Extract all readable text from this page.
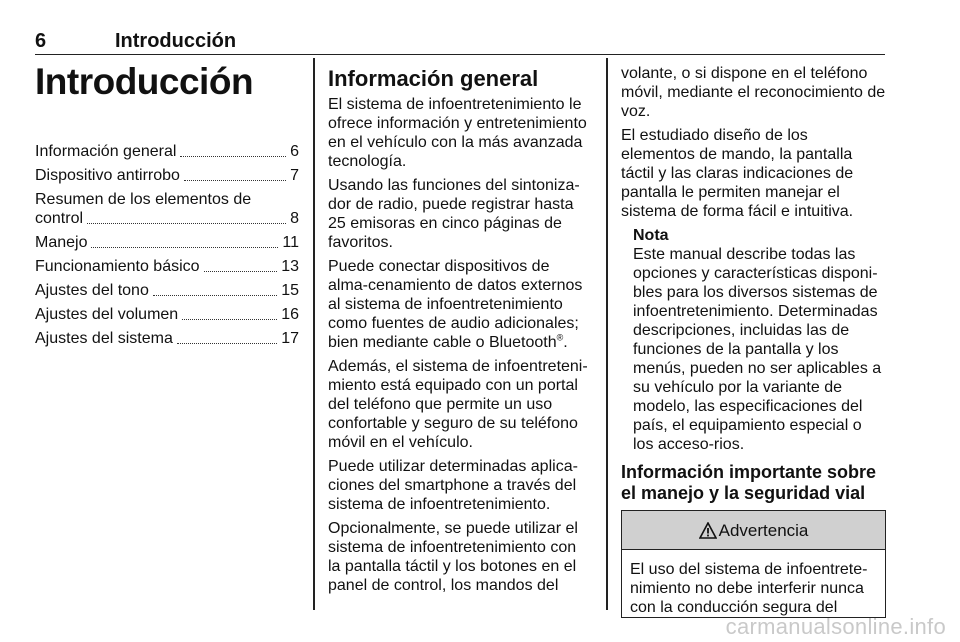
6	Introducción
Introducción
Información general	6
Dispositivo antirrobo	7
Resumen de los elementos de
control	8
Manejo	11
Funcionamiento básico	13
Ajustes del tono	15
Ajustes del volumen	16
Ajustes del sistema	17
Información general

El sistema de infoentretenimiento le ofrece información y entretenimiento en el vehículo con la más avanzada tecnología.

Usando las funciones del sintoniza-dor de radio, puede registrar hasta 25 emisoras en cinco páginas de favoritos.

Puede conectar dispositivos de alma-cenamiento de datos externos al sistema de infoentretenimiento como fuentes de audio adicionales; bien mediante cable o Bluetooth®.

Además, el sistema de infoentreteni-miento está equipado con un portal del teléfono que permite un uso confortable y seguro de su teléfono móvil en el vehículo.

Puede utilizar determinadas aplica-ciones del smartphone a través del sistema de infoentretenimiento.

Opcionalmente, se puede utilizar el sistema de infoentretenimiento con la pantalla táctil y los botones en el panel de control, los mandos del

volante, o si dispone en el teléfono móvil, mediante el reconocimiento de voz.

El estudiado diseño de los elementos de mando, la pantalla táctil y las claras indicaciones de pantalla le permiten manejar el sistema de forma fácil e intuitiva.

Nota
Este manual describe todas las opciones y características disponi-bles para los diversos sistemas de infoentretenimiento. Determinadas descripciones, incluidas las de funciones de la pantalla y los menús, pueden no ser aplicables a su vehículo por la variante de modelo, las especificaciones del país, el equipamiento especial o los acceso-rios.
Información importante sobre el manejo y la seguridad vial
Advertencia
El uso del sistema de infoentrete-nimiento no debe interferir nunca con la conducción segura del
carmanualsonline.info
